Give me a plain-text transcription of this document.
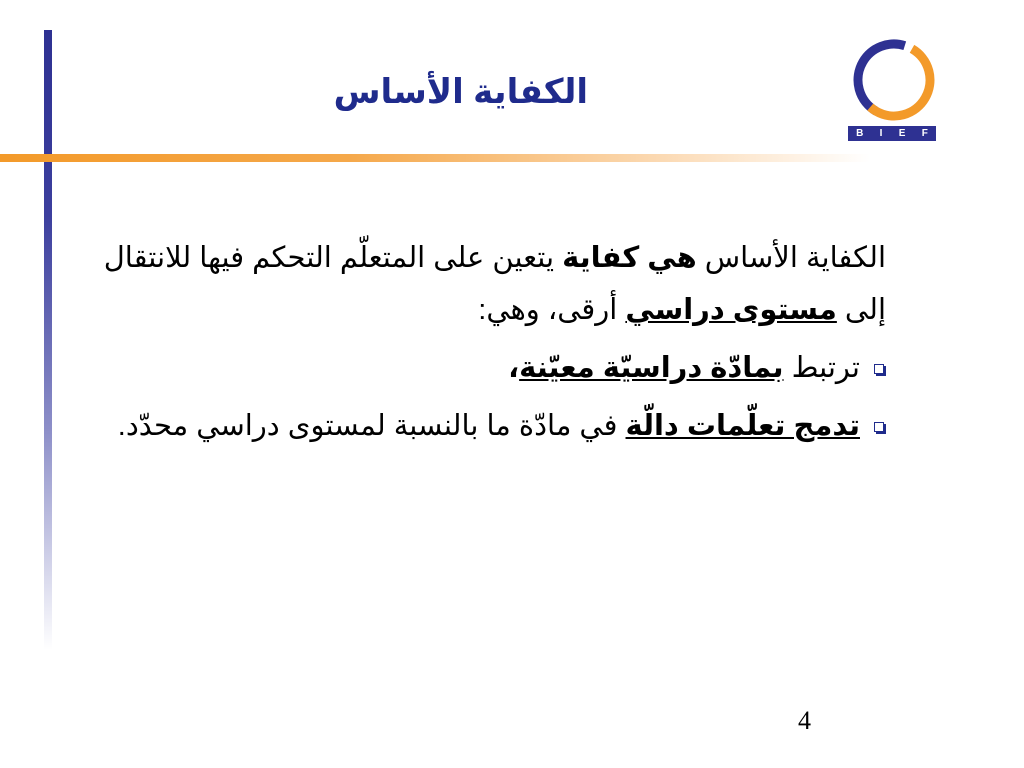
B I E F
الكفاية الأساس
الكفاية الأساس هي كفاية يتعين على المتعلّم التحكم فيها للانتقال إلى مستوى دراسي أرقى، وهي:
ترتبط بمادّة دراسيّة معيّنة،
تدمج تعلّمات دالّة في مادّة ما بالنسبة لمستوى دراسي محدّد.
4
